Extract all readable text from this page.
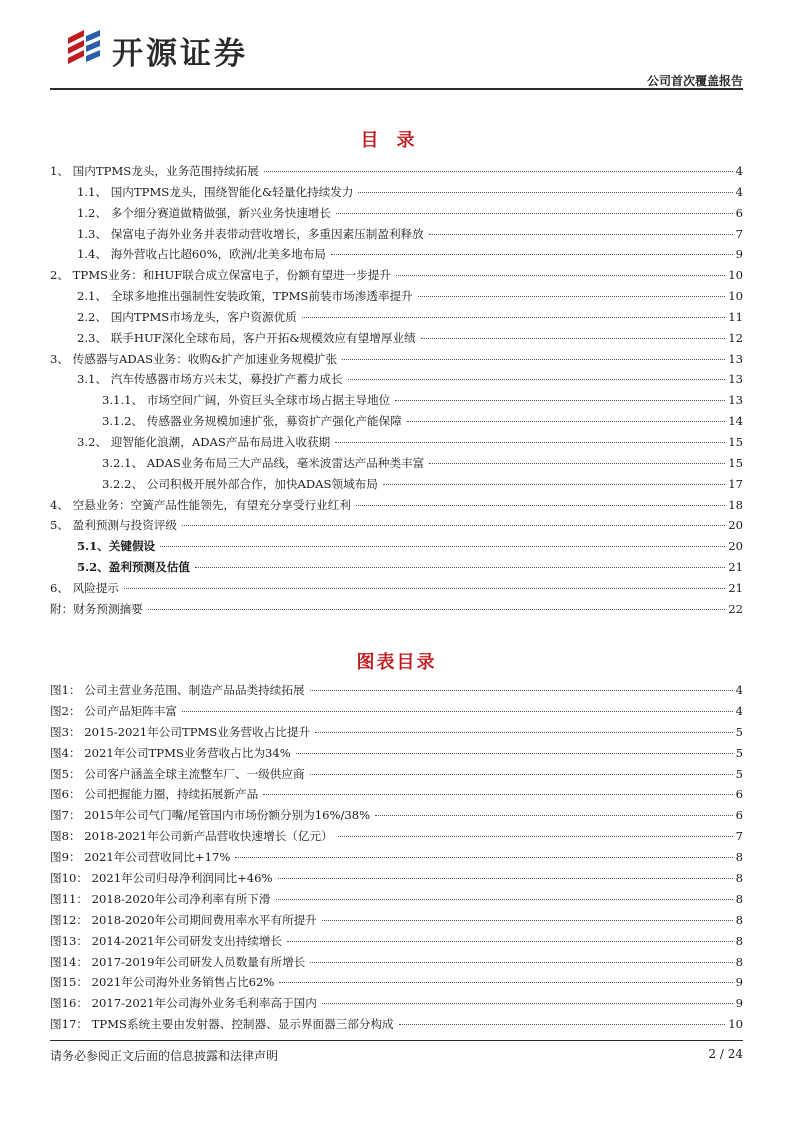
开源证券
公司首次覆盖报告
目录
1、 国内TPMS龙头，业务范围持续拓展	4
1.1、 国内TPMS龙头，围绕智能化&轻量化持续发力	4
1.2、 多个细分赛道做精做强，新兴业务快速增长	6
1.3、 保富电子海外业务并表带动营收增长，多重因素压制盈利释放	7
1.4、 海外营收占比超60%，欧洲/北美多地布局	9
2、 TPMS业务：和HUF联合成立保富电子，份额有望进一步提升	10
2.1、 全球多地推出强制性安装政策，TPMS前装市场渗透率提升	10
2.2、 国内TPMS市场龙头，客户资源优质	11
2.3、 联手HUF深化全球布局，客户开拓&规模效应有望增厚业绩	12
3、 传感器与ADAS业务：收购&扩产加速业务规模扩张	13
3.1、 汽车传感器市场方兴未艾，募投扩产蓄力成长	13
3.1.1、 市场空间广阔，外资巨头全球市场占据主导地位	13
3.1.2、 传感器业务规模加速扩张，募资扩产强化产能保障	14
3.2、 迎智能化浪潮，ADAS产品布局进入收获期	15
3.2.1、 ADAS业务布局三大产品线，毫米波雷达产品种类丰富	15
3.2.2、 公司积极开展外部合作，加快ADAS领域布局	17
4、 空悬业务：空簧产品性能领先，有望充分享受行业红利	18
5、 盈利预测与投资评级	20
5.1、关键假设	20
5.2、盈利预测及估值	21
6、 风险提示	21
附：财务预测摘要	22
图表目录
图1： 公司主营业务范围、制造产品品类持续拓展	4
图2： 公司产品矩阵丰富	4
图3： 2015-2021年公司TPMS业务营收占比提升	5
图4： 2021年公司TPMS业务营收占比为34%	5
图5： 公司客户涵盖全球主流整车厂、一级供应商	5
图6： 公司把握能力圈，持续拓展新产品	6
图7： 2015年公司气门嘴/尾管国内市场份额分别为16%/38%	6
图8： 2018-2021年公司新产品营收快速增长（亿元）	7
图9： 2021年公司营收同比+17%	8
图10： 2021年公司归母净利润同比+46%	8
图11： 2018-2020年公司净利率有所下滑	8
图12： 2018-2020年公司期间费用率水平有所提升	8
图13： 2014-2021年公司研发支出持续增长	8
图14： 2017-2019年公司研发人员数量有所增长	8
图15： 2021年公司海外业务销售占比62%	9
图16： 2017-2021年公司海外业务毛利率高于国内	9
图17： TPMS系统主要由发射器、控制器、显示界面器三部分构成	10
请务必参阅正文后面的信息披露和法律声明	2 / 24
